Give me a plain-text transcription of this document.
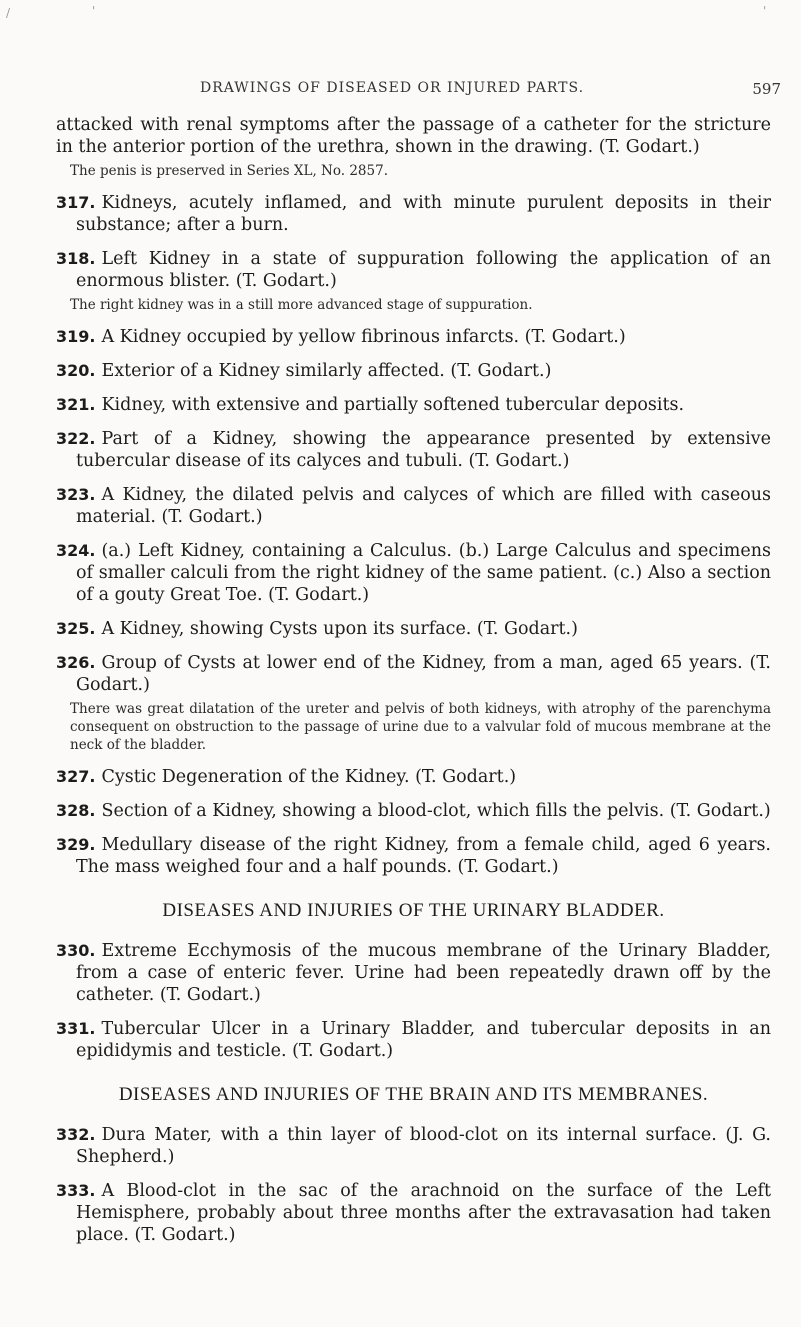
/	'	'
DRAWINGS OF DISEASED OR INJURED PARTS.	597

attacked with renal symptoms after the passage of a catheter for the stricture in the anterior portion of the urethra, shown in the drawing. (T. Godart.)

The penis is preserved in Series XL, No. 2857.

317. Kidneys, acutely inflamed, and with minute purulent deposits in their substance; after a burn.

318. Left Kidney in a state of suppuration following the application of an enormous blister. (T. Godart.)

The right kidney was in a still more advanced stage of suppuration.

319. A Kidney occupied by yellow fibrinous infarcts. (T. Godart.)

320. Exterior of a Kidney similarly affected. (T. Godart.)

321. Kidney, with extensive and partially softened tubercular deposits.

322. Part of a Kidney, showing the appearance presented by extensive tubercular disease of its calyces and tubuli. (T. Godart.)

323. A Kidney, the dilated pelvis and calyces of which are filled with caseous material. (T. Godart.)

324. (a.) Left Kidney, containing a Calculus. (b.) Large Calculus and specimens of smaller calculi from the right kidney of the same patient. (c.) Also a section of a gouty Great Toe. (T. Godart.)

325. A Kidney, showing Cysts upon its surface. (T. Godart.)

326. Group of Cysts at lower end of the Kidney, from a man, aged 65 years. (T. Godart.)

There was great dilatation of the ureter and pelvis of both kidneys, with atrophy of the parenchyma consequent on obstruction to the passage of urine due to a valvular fold of mucous membrane at the neck of the bladder.

327. Cystic Degeneration of the Kidney. (T. Godart.)

328. Section of a Kidney, showing a blood-clot, which fills the pelvis. (T. Godart.)

329. Medullary disease of the right Kidney, from a female child, aged 6 years. The mass weighed four and a half pounds. (T. Godart.)

DISEASES AND INJURIES OF THE URINARY BLADDER.

330. Extreme Ecchymosis of the mucous membrane of the Urinary Bladder, from a case of enteric fever. Urine had been repeatedly drawn off by the catheter. (T. Godart.)

331. Tubercular Ulcer in a Urinary Bladder, and tubercular deposits in an epididymis and testicle. (T. Godart.)

DISEASES AND INJURIES OF THE BRAIN AND ITS MEMBRANES.

332. Dura Mater, with a thin layer of blood-clot on its internal surface. (J. G. Shepherd.)

333. A Blood-clot in the sac of the arachnoid on the surface of the Left Hemisphere, probably about three months after the extravasation had taken place. (T. Godart.)
